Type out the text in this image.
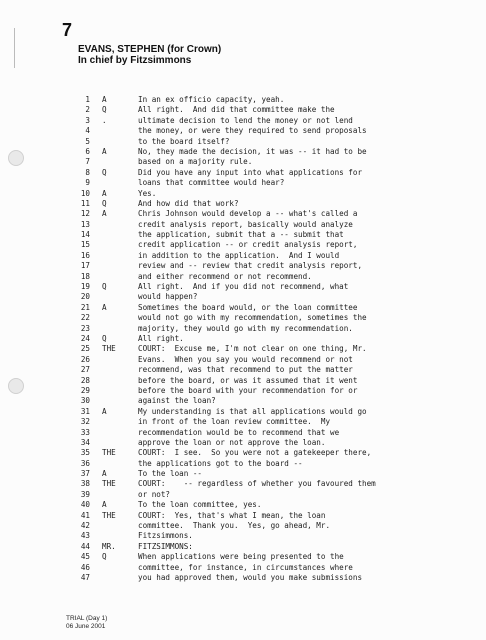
7
EVANS, STEPHEN (for Crown)
In chief by Fitzsimmons
1 A	In an ex officio capacity, yeah.
2 Q	All right.  And did that committee make the
3 .	ultimate decision to lend the money or not lend
4	the money, or were they required to send proposals
5	to the board itself?
6 A	No, they made the decision, it was -- it had to be
7	based on a majority rule.
8 Q	Did you have any input into what applications for
9	loans that committee would hear?
10 A	Yes.
11 Q	And how did that work?
12 A	Chris Johnson would develop a -- what's called a
13	credit analysis report, basically would analyze
14	the application, submit that a -- submit that
15	credit application -- or credit analysis report,
16	in addition to the application.  And I would
17	review and -- review that credit analysis report,
18	and either recommend or not recommend.
19 Q	All right.  And if you did not recommend, what
20	would happen?
21 A	Sometimes the board would, or the loan committee
22	would not go with my recommendation, sometimes the
23	majority, they would go with my recommendation.
24 Q	All right.
25 THE	COURT:  Excuse me, I'm not clear on one thing, Mr.
26	Evans.  When you say you would recommend or not
27	recommend, was that recommend to put the matter
28	before the board, or was it assumed that it went
29	before the board with your recommendation for or
30	against the loan?
31 A	My understanding is that all applications would go
32	in front of the loan review committee.  My
33	recommendation would be to recommend that we
34	approve the loan or not approve the loan.
35 THE	COURT:  I see.  So you were not a gatekeeper there,
36	the applications got to the board --
37 A	To the loan --
38 THE	COURT:    -- regardless of whether you favoured them
39	or not?
40 A	To the loan committee, yes.
41 THE	COURT:  Yes, that's what I mean, the loan
42	committee.  Thank you.  Yes, go ahead, Mr.
43	Fitzsimmons.
44 MR.	FITZSIMMONS:
45 Q	When applications were being presented to the
46	committee, for instance, in circumstances where
47	you had approved them, would you make submissions
TRIAL (Day 1)
06 June 2001
